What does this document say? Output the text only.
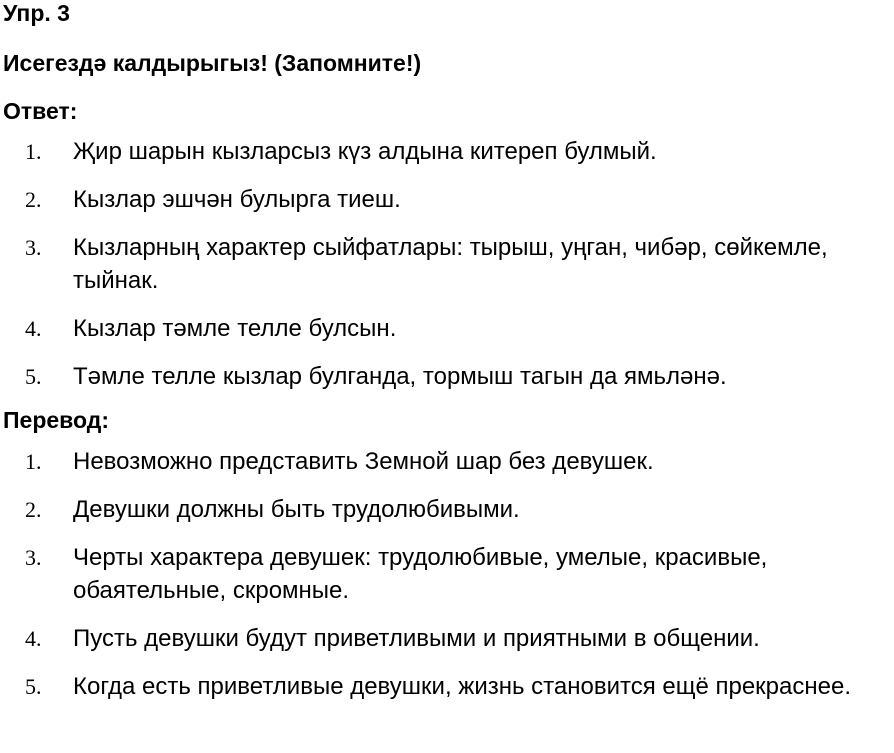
Упр. 3
Исегездә калдырыгыз! (Запомните!)
Ответ:
1.	Җир шарын кызларсыз күз алдына китереп булмый.
2.	Кызлар эшчән булырга тиеш.
3.	Кызларның характер сыйфатлары: тырыш, уңган, чибәр, сөйкемле, тыйнак.
4.	Кызлар тәмле телле булсын.
5.	Тәмле телле кызлар булганда, тормыш тагын да ямьләнә.
Перевод:
1.	Невозможно представить Земной шар без девушек.
2.	Девушки должны быть трудолюбивыми.
3.	Черты характера девушек: трудолюбивые, умелые, красивые, обаятельные, скромные.
4.	Пусть девушки будут приветливыми и приятными в общении.
5.	Когда есть приветливые девушки, жизнь становится ещё прекраснее.
